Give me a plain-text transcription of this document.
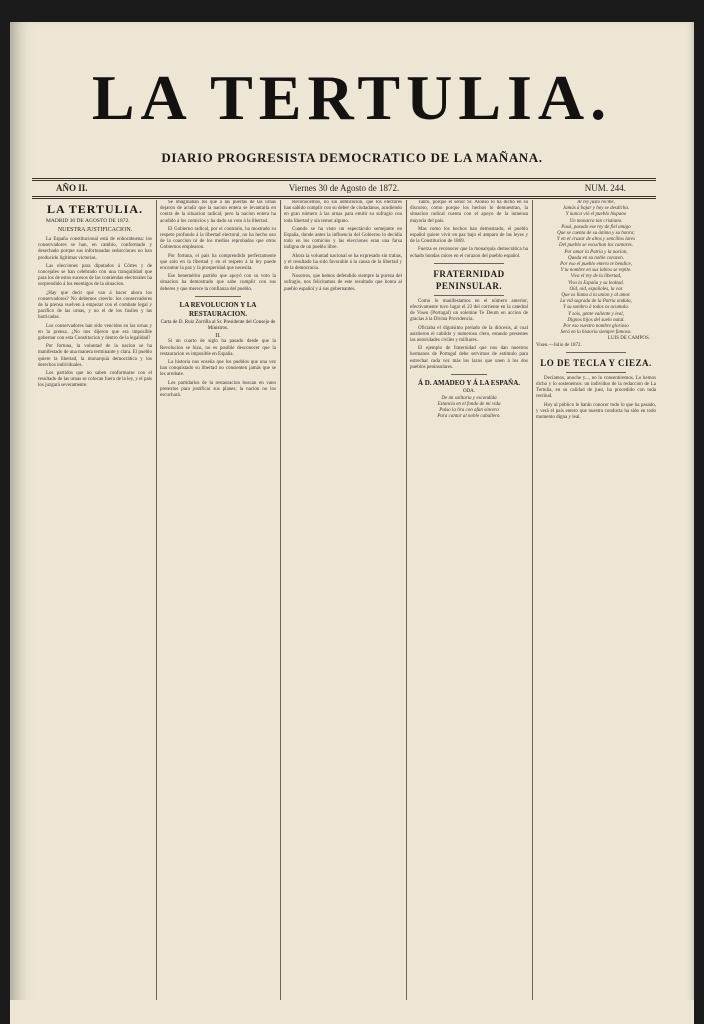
LA TERTULIA.
DIARIO PROGRESISTA DEMOCRATICO DE LA MAÑANA.
AÑO II.	Viernes 30 de Agosto de 1872.	NUM. 244.
LA TERTULIA.
MADRID 30 DE AGOSTO DE 1872.
NUESTRA JUSTIFICACION.

La España constitucional está de enhorabuena: los conservadores se han, en cambio, conformado y desechado porque sus infortunadas seducciones no han producido ligítimas victorias.

Las elecciones para diputados á Córtes y de concejales se han celebrado con una tranquilidad que para los de estos sucesos de las contiendas electorales ha sorprendido á los enemigos de la situacion.

¿Hay que decir qué van á hacer ahora los conservadores? No debemos creerlo: los conservadores de la prensa vuelven á empezar con el combate legal y pacífico de las urnas, y no el de los fusiles y las barricadas.

Los conservadores han sido vencidos en las urnas y en la prensa. ¿No nos dijeron que era imposible gobernar con esta Constitucion y dentro de la legalidad?

Por fortuna, la voluntad de la nacion se ha manifestado de una manera terminante y clara. El pueblo quiere la libertad, la monarquía democrática y los derechos individuales.

Los partidos que no saben conformarse con el resultado de las urnas se colocan fuera de la ley, y el pais los juzgará severamente.

Se imaginaban los que á las puertas de las urnas dejaron de acudir que la nacion entera se levantaría en contra de la situacion radical; pero la nacion entera ha acudido á los comicios y ha dado su voto á la libertad.

El Gobierno radical, por el contrario, ha mostrado su respeto profundo á la libertad electoral, no ha hecho uso de la coaccion ni de los medios reprobados que otros Gobiernos emplearon.

Por fortuna, el país ha comprendido perfectamente que solo en la libertad y en el respeto á la ley puede encontrar la paz y la prosperidad que necesita.

Ese benemérito partido que apoyó con su voto la situacion ha demostrado que sabe cumplir con sus deberes y que merece la confianza del pueblo.

LA REVOLUCION Y LA RESTAURACION.
Carta de D. Ruiz Zorrilla al Sr. Presidente del Consejo de Ministros.
II.

Si un cuarto de siglo ha pasado desde que la Revolucion se hizo, no es posible desconocer que la restauracion es imposible en España.

La historia nos enseña que los pueblos que una vez han conquistado su libertad no consienten jamás que se les arrebate.

Los partidarios de la restauracion buscan en vano pretextos para justificar sus planes; la nacion no los escuchará.

Reconocemos, no sin admiracion, que los electores han sabido cumplir con su deber de ciudadanos, acudiendo en gran número á las urnas para emitir su sufragio con toda libertad y sin temor alguno.

Cuando se ha visto un espectáculo semejante en España, donde antes la influencia del Gobierno lo decidía todo en los comicios y las elecciones eran una farsa indigna de un pueblo libre.

Ahora la voluntad nacional se ha expresado sin trabas, y el resultado ha sido favorable á la causa de la libertad y de la democracia.

Nosotros, que hemos defendido siempre la pureza del sufragio, nos felicitamos de este resultado que honra al pueblo español y á sus gobernantes.

Tanto, porque el señor Sr. Alonso lo ha dicho en su discurso, como porque los hechos lo demuestran, la situacion radical cuenta con el apoyo de la inmensa mayoría del país.

Mas como los hechos han demostrado, el pueblo español quiere vivir en paz bajo el amparo de las leyes y de la Constitucion de 1869.

Fuerza es reconocer que la monarquía democrática ha echado hondas raíces en el corazon del pueblo español.

FRATERNIDAD PENINSULAR.

Como lo manifestamos en el número anterior, efectivamente tuvo lugar el 23 del corriente en la catedral de Viseu (Portugal) un solemne Te Deum en accion de gracias á la Divina Providencia.

Oficiaba el dignísimo prelado de la diócesis, al cual asistieron el cabildo y numeroso clero, estando presentes las autoridades civiles y militares.

El ejemplo de fraternidad que nos dan nuestros hermanos de Portugal debe servirnos de estímulo para estrechar cada vez más los lazos que unen á los dos pueblos peninsulares.

Á D. AMADEO Y Á LA ESPAÑA.
ODA.
De mi solitaria y escondida
Estancia en el fondo de mi vida
Pulso la lira con afan sincero
Para cantar al noble caballero.
Al rey justo recibe,
Jamás á bajar y hoy se desdicha.
Y nunca vió el pueblo hispano
Un monarca tan cristiano.
Pasó, pasado ese rey de fiel amigo
Que se cuenta de su ánimo y su honra;
Y en el cruzar de altos y sencillos lares
Del pueblo se escuchan los cantares.
Por amar la Patria y la nacion,
Queda en su noble corazon.
Por eso el pueblo entero te bendice,
Y tu nombre en sus labios se repite.
Viva el rey de la libertad,
Viva la España y su lealtad.
Oíd, oíd, españoles, la voz
Que os llama á la union y al amor.
La vid sagrada de la Patria ondula,
Y su sombra á todos os acumula.
Y sois, gente valiente y leal,
Dignos hijos del suelo natal.
Por eso vuestro nombre glorioso
Será en la historia siempre famoso.
LUIS DE CAMPOS.
Viseu.—Julio de 1872.
LO DE TECLA Y CIEZA.

Decíamos, anoche y..., no lo consentiremos. Lo hemos dicho y lo sostenemos: un individuo de la redaccion de La Tertulia, en su calidad de juez, ha procedido con toda rectitud.

Hoy al público le harán conocer todo lo que ha pasado, y verá el país entero que nuestra conducta ha sido en todo momento digna y leal.
